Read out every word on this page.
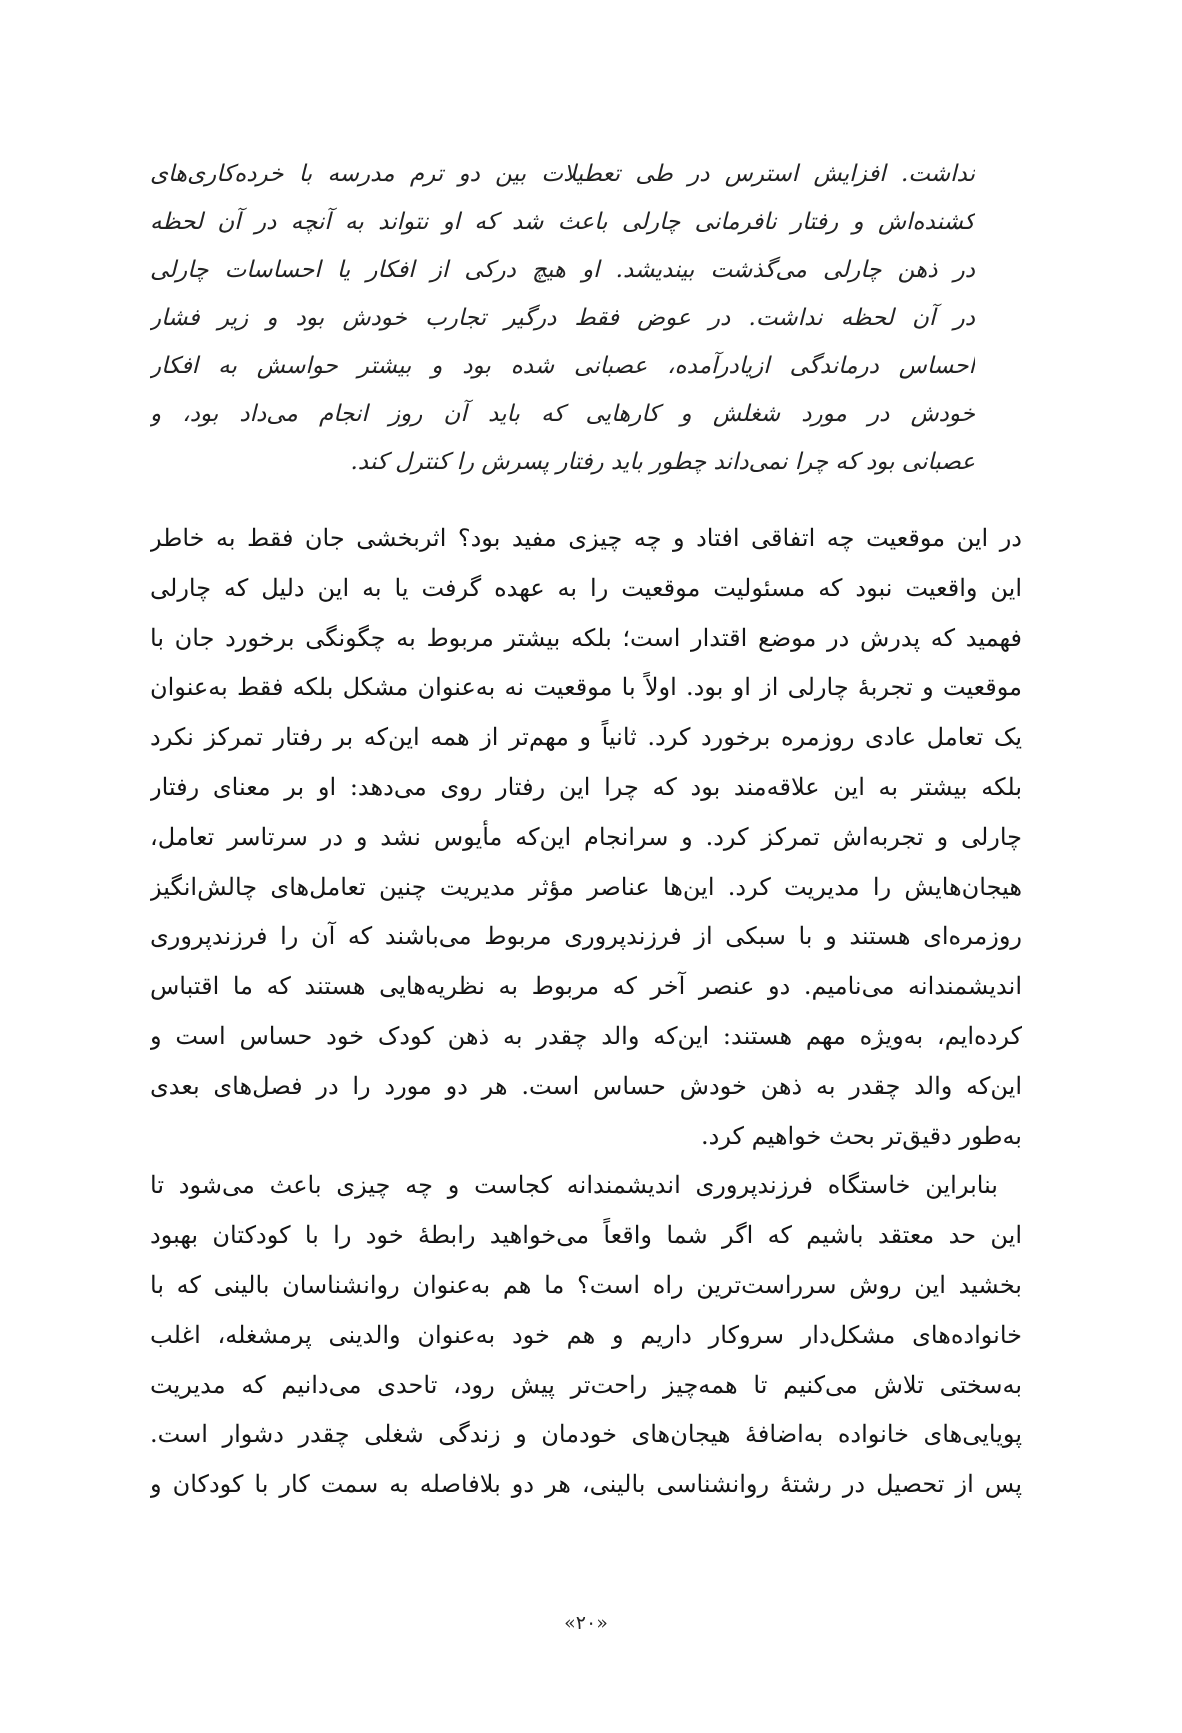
نداشت. افزایش استرس در طی تعطیلات بین دو ترم مدرسه با خرده‌کاری‌های
کشنده‌اش و رفتار نافرمانی چارلی باعث شد که او نتواند به آنچه در آن لحظه
در ذهن چارلی می‌گذشت بیندیشد. او هیچ درکی از افکار یا احساسات چارلی
در آن لحظه نداشت. در عوض فقط درگیر تجارب خودش بود و زیر فشار
احساس درماندگی ازیادرآمده، عصبانی شده بود و بیشتر حواسش به افکار
خودش در مورد شغلش و کارهایی که باید آن روز انجام می‌داد بود، و
عصبانی بود که چرا نمی‌داند چطور باید رفتار پسرش را کنترل کند.
در این موقعیت چه اتفاقی افتاد و چه چیزی مفید بود؟ اثربخشی جان فقط به خاطر
این واقعیت نبود که مسئولیت موقعیت را به عهده گرفت یا به این دلیل که چارلی
فهمید که پدرش در موضع اقتدار است؛ بلکه بیشتر مربوط به چگونگی برخورد جان با
موقعیت و تجربهٔ چارلی از او بود. اولاً با موقعیت نه به‌عنوان مشکل بلکه فقط به‌عنوان
یک تعامل عادی روزمره برخورد کرد. ثانیاً و مهم‌تر از همه این‌که بر رفتار تمرکز نکرد
بلکه بیشتر به این علاقه‌مند بود که چرا این رفتار روی می‌دهد: او بر معنای رفتار
چارلی و تجربه‌اش تمرکز کرد. و سرانجام این‌که مأیوس نشد و در سرتاسر تعامل،
هیجان‌هایش را مدیریت کرد. این‌ها عناصر مؤثر مدیریت چنین تعامل‌های چالش‌انگیز
روزمره‌ای هستند و با سبکی از فرزندپروری مربوط می‌باشند که آن را فرزندپروری
اندیشمندانه می‌نامیم. دو عنصر آخر که مربوط به نظریه‌هایی هستند که ما اقتباس
کرده‌ایم، به‌ویژه مهم هستند: این‌که والد چقدر به ذهن کودک خود حساس است و
این‌که والد چقدر به ذهن خودش حساس است. هر دو مورد را در فصل‌های بعدی
به‌طور دقیق‌تر بحث خواهیم کرد.
بنابراین خاستگاه فرزندپروری اندیشمندانه کجاست و چه چیزی باعث می‌شود تا
این حد معتقد باشیم که اگر شما واقعاً می‌خواهید رابطهٔ خود را با کودکتان بهبود
بخشید این روش سرراست‌ترین راه است؟ ما هم به‌عنوان روانشناسان بالینی که با
خانواده‌های مشکل‌دار سروکار داریم و هم خود به‌عنوان والدینی پرمشغله، اغلب
به‌سختی تلاش می‌کنیم تا همه‌چیز راحت‌تر پیش رود، تاحدی می‌دانیم که مدیریت
پویایی‌های خانواده به‌اضافهٔ هیجان‌های خودمان و زندگی شغلی چقدر دشوار است.
پس از تحصیل در رشتهٔ روانشناسی بالینی، هر دو بلافاصله به سمت کار با کودکان و
«۲۰»
